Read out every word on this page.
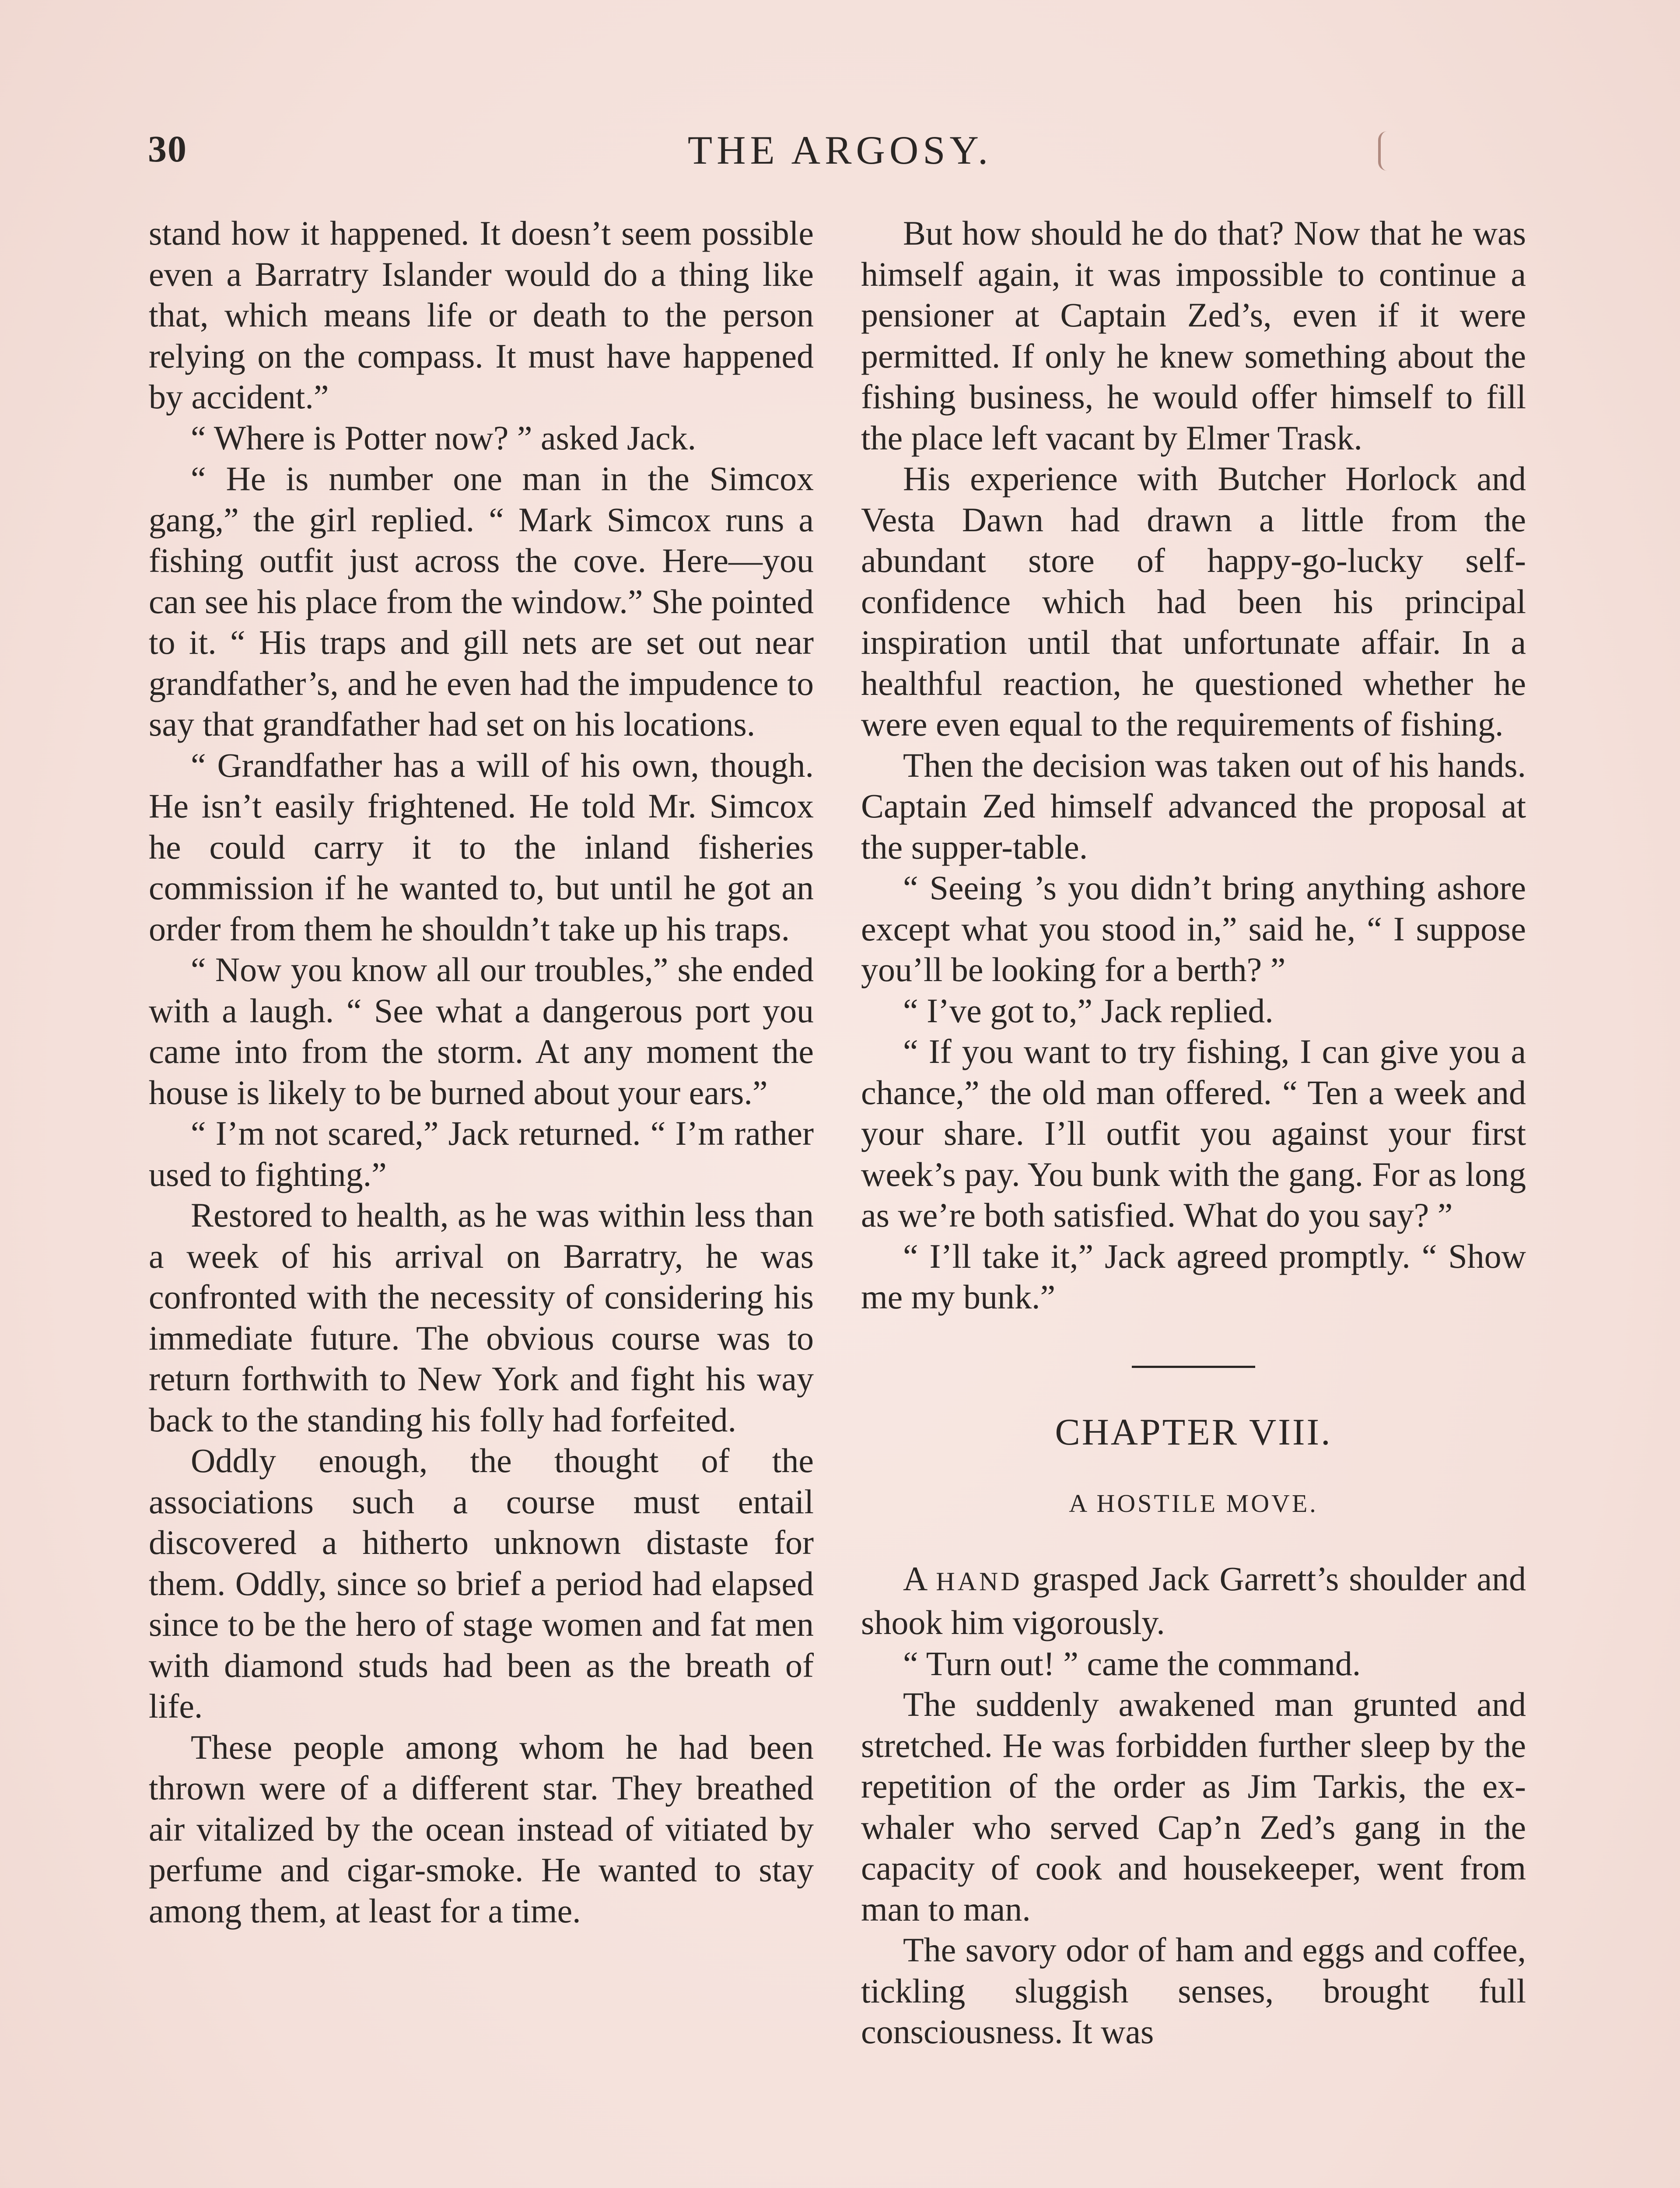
30	THE ARGOSY.

stand how it happened. It doesn’t seem possible even a Barratry Islander would do a thing like that, which means life or death to the person relying on the compass. It must have happened by accident.”

“ Where is Potter now? ” asked Jack.

“ He is number one man in the Simcox gang,” the girl replied. “ Mark Simcox runs a fishing outfit just across the cove. Here—you can see his place from the window.” She pointed to it. “ His traps and gill nets are set out near grandfather’s, and he even had the impudence to say that grandfather had set on his locations.

“ Grandfather has a will of his own, though. He isn’t easily frightened. He told Mr. Simcox he could carry it to the inland fisheries commission if he wanted to, but until he got an order from them he shouldn’t take up his traps.

“ Now you know all our troubles,” she ended with a laugh. “ See what a dangerous port you came into from the storm. At any moment the house is likely to be burned about your ears.”

“ I’m not scared,” Jack returned. “ I’m rather used to fighting.”

Restored to health, as he was within less than a week of his arrival on Barratry, he was confronted with the necessity of considering his immediate future. The obvious course was to return forthwith to New York and fight his way back to the standing his folly had forfeited.

Oddly enough, the thought of the associations such a course must entail discovered a hitherto unknown distaste for them. Oddly, since so brief a period had elapsed since to be the hero of stage women and fat men with diamond studs had been as the breath of life.

These people among whom he had been thrown were of a different star. They breathed air vitalized by the ocean instead of vitiated by perfume and cigar-smoke. He wanted to stay among them, at least for a time.

But how should he do that? Now that he was himself again, it was impossible to continue a pensioner at Captain Zed’s, even if it were permitted. If only he knew something about the fishing business, he would offer himself to fill the place left vacant by Elmer Trask.

His experience with Butcher Horlock and Vesta Dawn had drawn a little from the abundant store of happy-go-lucky self-confidence which had been his principal inspiration until that unfortunate affair. In a healthful reaction, he questioned whether he were even equal to the requirements of fishing.

Then the decision was taken out of his hands. Captain Zed himself advanced the proposal at the supper-table.

“ Seeing ’s you didn’t bring anything ashore except what you stood in,” said he, “ I suppose you’ll be looking for a berth? ”

“ I’ve got to,” Jack replied.

“ If you want to try fishing, I can give you a chance,” the old man offered. “ Ten a week and your share. I’ll outfit you against your first week’s pay. You bunk with the gang. For as long as we’re both satisfied. What do you say? ”

“ I’ll take it,” Jack agreed promptly. “ Show me my bunk.”

CHAPTER VIII.
A HOSTILE MOVE.

A HAND grasped Jack Garrett’s shoulder and shook him vigorously.

“ Turn out! ” came the command.

The suddenly awakened man grunted and stretched. He was forbidden further sleep by the repetition of the order as Jim Tarkis, the ex-whaler who served Cap’n Zed’s gang in the capacity of cook and housekeeper, went from man to man.

The savory odor of ham and eggs and coffee, tickling sluggish senses, brought full consciousness. It was
